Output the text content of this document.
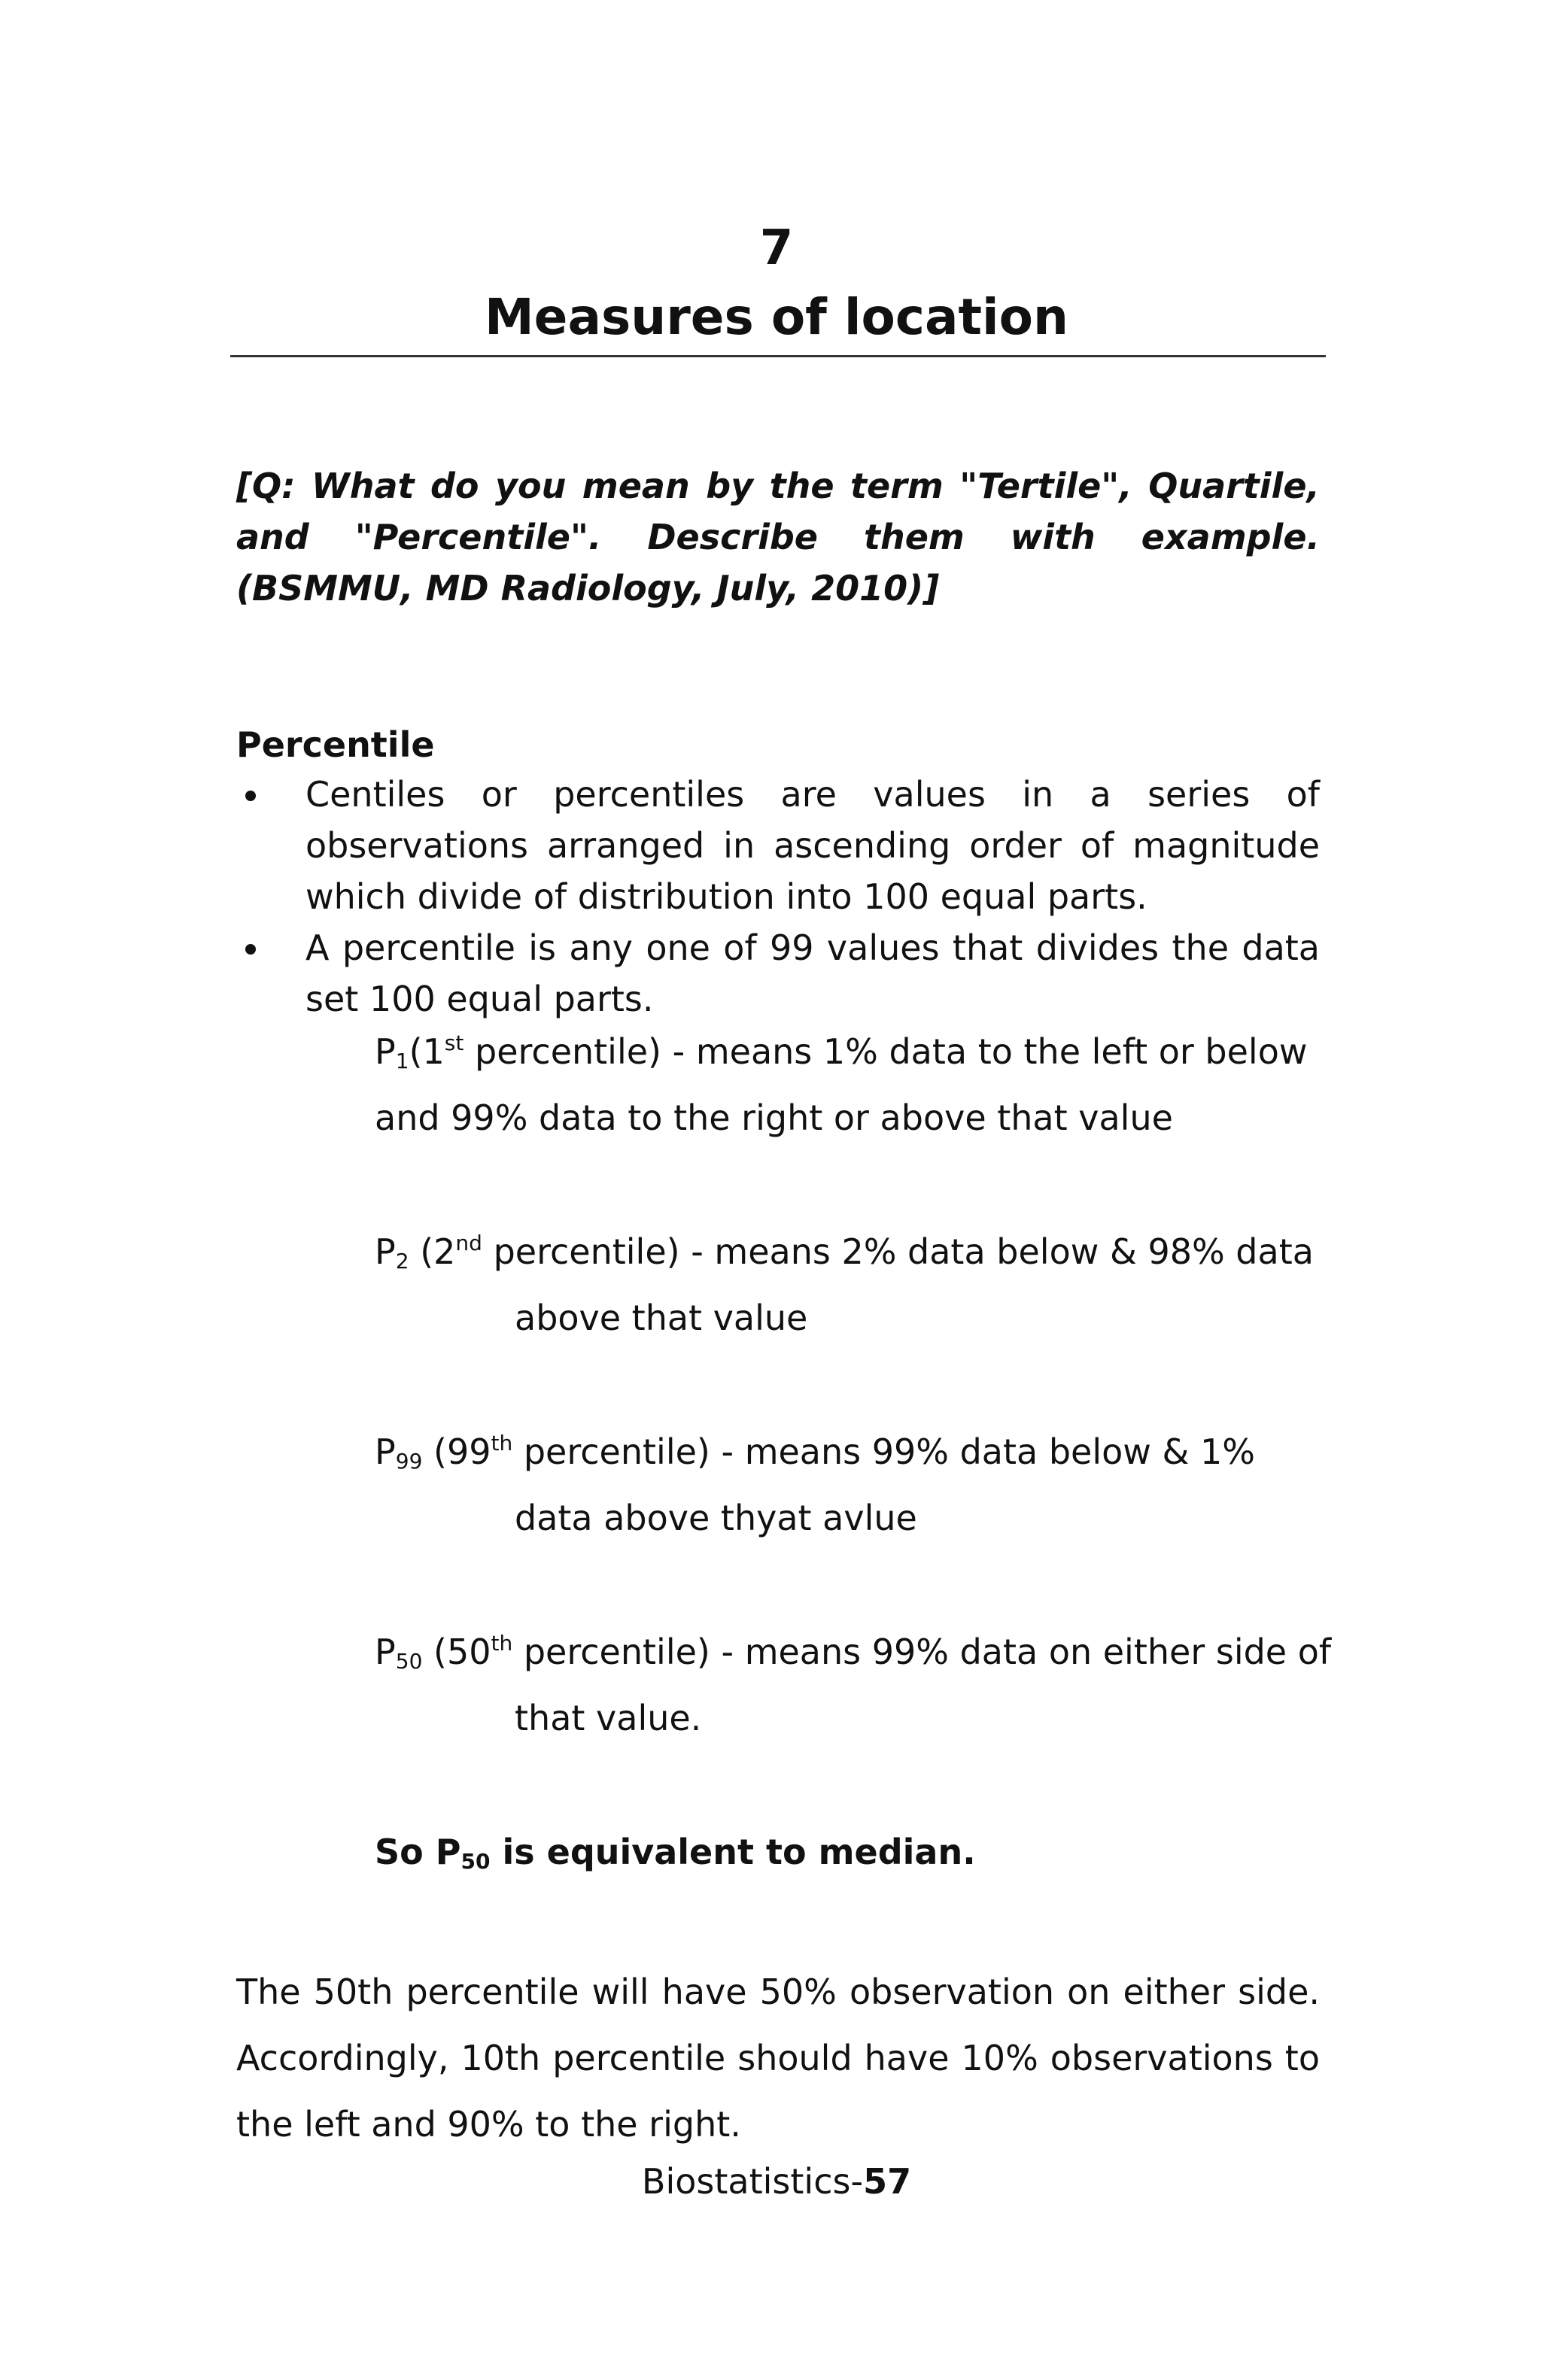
7
Measures of location
[Q: What do you mean by the term "Tertile", Quartile, and "Percentile". Describe them with example. (BSMMU, MD Radiology, July, 2010)]
Percentile
Centiles or percentiles are values in a series of observations arranged in ascending order of magnitude which divide of distribution into 100 equal parts.
A percentile is any one of 99 values that divides the data set 100 equal parts.
$P_1(1st$ percentile) - means 1% data to the left or below
and 99% data to the right or above that value
$P_2$ (2nd percentile) - means 2% data below & 98% data
above that value
$P_{99}$ (99th percentile) - means 99% data below & 1%
data above thyat avlue
$P_{50}$ (50th percentile) - means 99% data on either side of
that value.
So $P_{50}$ is equivalent to median.
The 50th percentile will have 50% observation on either side. Accordingly, 10th percentile should have 10% observations to the left and 90% to the right.
Biostatistics-57
